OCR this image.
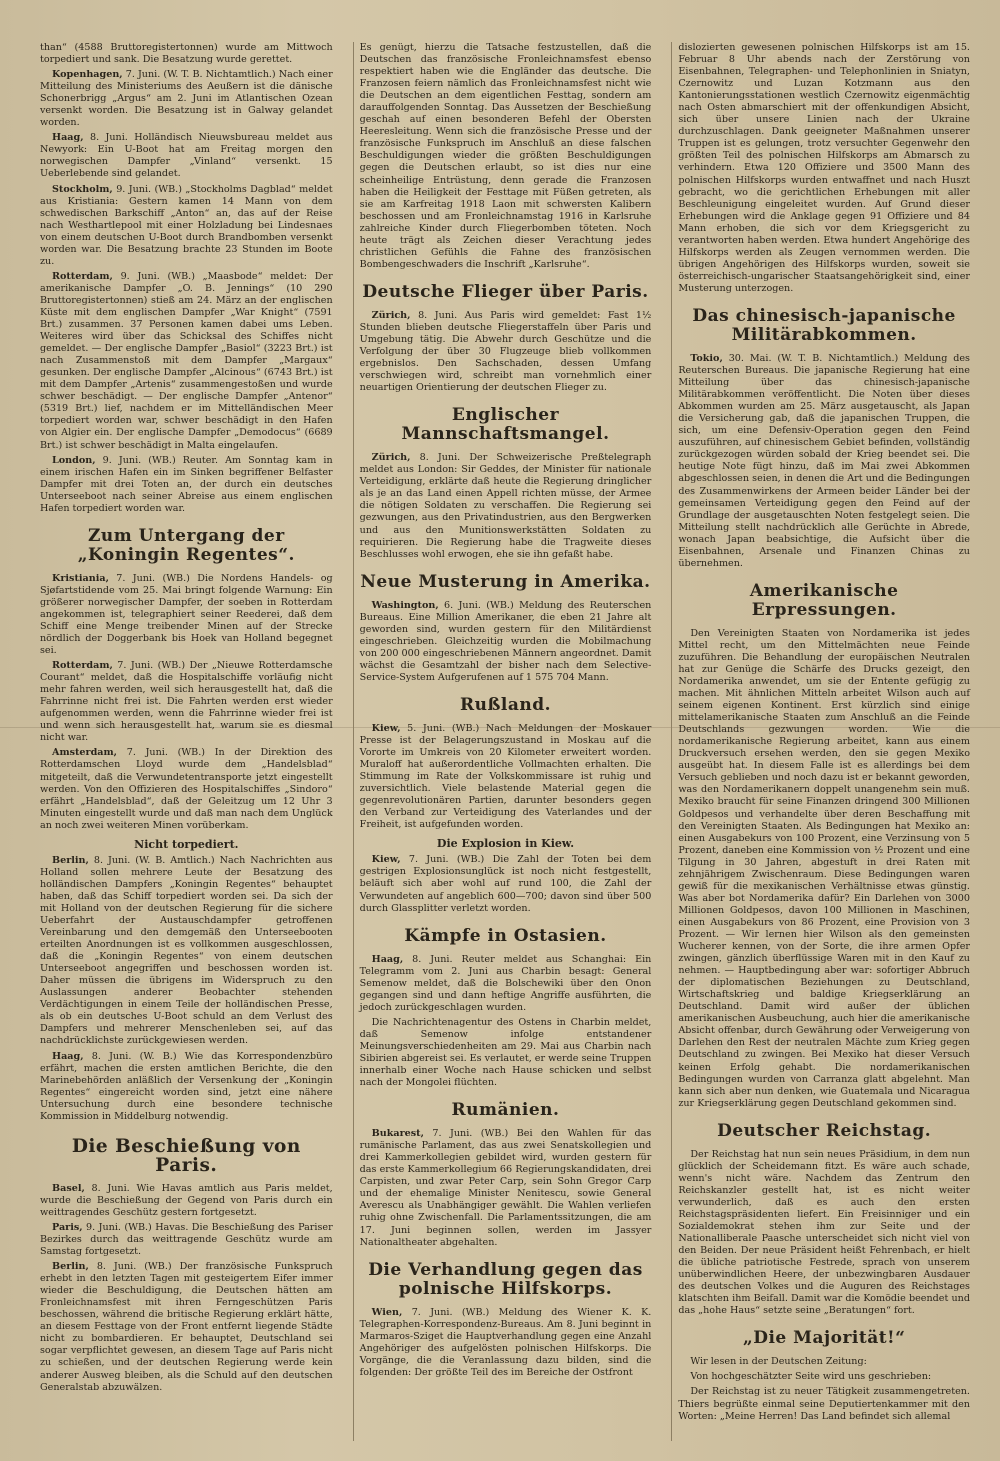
than“ (4588 Bruttoregistertonnen) wurde am Mittwoch torpediert und sank. Die Besatzung wurde gerettet.

Kopenhagen, 7. Juni. (W. T. B. Nichtamtlich.) Nach einer Mitteilung des Ministeriums des Aeußern ist die dänische Schonerbrigg „Argus“ am 2. Juni im Atlantischen Ozean versenkt worden. Die Besatzung ist in Galway gelandet worden.

Haag, 8. Juni. Holländisch Nieuwsbureau meldet aus Newyork: Ein U-Boot hat am Freitag morgen den norwegischen Dampfer „Vinland“ versenkt. 15 Ueberlebende sind gelandet.

Stockholm, 9. Juni. (WB.) „Stockholms Dagblad“ meldet aus Kristiania: Gestern kamen 14 Mann von dem schwedischen Barkschiff „Anton“ an, das auf der Reise nach Westhartlepool mit einer Holzladung bei Lindesnaes von einem deutschen U-Boot durch Brandbomben versenkt worden war. Die Besatzung brachte 23 Stunden im Boote zu.

Rotterdam, 9. Juni. (WB.) „Maasbode“ meldet: Der amerikanische Dampfer „O. B. Jennings“ (10 290 Bruttoregistertonnen) stieß am 24. März an der englischen Küste mit dem englischen Dampfer „War Knight“ (7591 Brt.) zusammen. 37 Personen kamen dabei ums Leben. Weiteres wird über das Schicksal des Schiffes nicht gemeldet. — Der englische Dampfer „Basiol“ (3223 Brt.) ist nach Zusammenstoß mit dem Dampfer „Margaux“ gesunken. Der englische Dampfer „Alcinous“ (6743 Brt.) ist mit dem Dampfer „Artenis“ zusammengestoßen und wurde schwer beschädigt. — Der englische Dampfer „Antenor“ (5319 Brt.) lief, nachdem er im Mittelländischen Meer torpediert worden war, schwer beschädigt in den Hafen von Algier ein. Der englische Dampfer „Demodocus“ (6689 Brt.) ist schwer beschädigt in Malta eingelaufen.

London, 9. Juni. (WB.) Reuter. Am Sonntag kam in einem irischen Hafen ein im Sinken begriffener Belfaster Dampfer mit drei Toten an, der durch ein deutsches Unterseeboot nach seiner Abreise aus einem englischen Hafen torpediert worden war.

Zum Untergang der „Koningin Regentes“.

Kristiania, 7. Juni. (WB.) Die Nordens Handels- og Sjøfartstidende vom 25. Mai bringt folgende Warnung: Ein größerer norwegischer Dampfer, der soeben in Rotterdam angekommen ist, telegraphiert seiner Reederei, daß dem Schiff eine Menge treibender Minen auf der Strecke nördlich der Doggerbank bis Hoek van Holland begegnet sei.

Rotterdam, 7. Juni. (WB.) Der „Nieuwe Rotterdamsche Courant“ meldet, daß die Hospitalschiffe vorläufig nicht mehr fahren werden, weil sich herausgestellt hat, daß die Fahrrinne nicht frei ist. Die Fahrten werden erst wieder aufgenommen werden, wenn die Fahrrinne wieder frei ist und wenn sich herausgestellt hat, warum sie es diesmal nicht war.

Amsterdam, 7. Juni. (WB.) In der Direktion des Rotterdamschen Lloyd wurde dem „Handelsblad“ mitgeteilt, daß die Verwundetentransporte jetzt eingestellt werden. Von den Offizieren des Hospitalschiffes „Sindoro“ erfährt „Handelsblad“, daß der Geleitzug um 12 Uhr 3 Minuten eingestellt wurde und daß man nach dem Unglück an noch zwei weiteren Minen vorüberkam.

Nicht torpediert.

Berlin, 8. Juni. (W. B. Amtlich.) Nach Nachrichten aus Holland sollen mehrere Leute der Besatzung des holländischen Dampfers „Koningin Regentes“ behauptet haben, daß das Schiff torpediert worden sei. Da sich der mit Holland von der deutschen Regierung für die sichere Ueberfahrt der Austauschdampfer getroffenen Vereinbarung und den demgemäß den Unterseebooten erteilten Anordnungen ist es vollkommen ausgeschlossen, daß die „Koningin Regentes“ von einem deutschen Unterseeboot angegriffen und beschossen worden ist. Daher müssen die übrigens im Widerspruch zu den Auslassungen anderer Beobachter stehenden Verdächtigungen in einem Teile der holländischen Presse, als ob ein deutsches U-Boot schuld an dem Verlust des Dampfers und mehrerer Menschenleben sei, auf das nachdrücklichste zurückgewiesen werden.

Haag, 8. Juni. (W. B.) Wie das Korrespondenzbüro erfährt, machen die ersten amtlichen Berichte, die den Marinebehörden anläßlich der Versenkung der „Koningin Regentes“ eingereicht worden sind, jetzt eine nähere Untersuchung durch eine besondere technische Kommission in Middelburg notwendig.

Die Beschießung von Paris.

Basel, 8. Juni. Wie Havas amtlich aus Paris meldet, wurde die Beschießung der Gegend von Paris durch ein weittragendes Geschütz gestern fortgesetzt.

Paris, 9. Juni. (WB.) Havas. Die Beschießung des Pariser Bezirkes durch das weittragende Geschütz wurde am Samstag fortgesetzt.

Berlin, 8. Juni. (WB.) Der französische Funkspruch erhebt in den letzten Tagen mit gesteigertem Eifer immer wieder die Beschuldigung, die Deutschen hätten am Fronleichnamsfest mit ihren Ferngeschützen Paris beschossen, während die britische Regierung erklärt hätte, an diesem Festtage von der Front entfernt liegende Städte nicht zu bombardieren. Er behauptet, Deutschland sei sogar verpflichtet gewesen, an diesem Tage auf Paris nicht zu schießen, und der deutschen Regierung werde kein anderer Ausweg bleiben, als die Schuld auf den deutschen Generalstab abzuwälzen.

Es genügt, hierzu die Tatsache festzustellen, daß die Deutschen das französische Fronleichnamsfest ebenso respektiert haben wie die Engländer das deutsche. Die Franzosen feiern nämlich das Fronleichnamsfest nicht wie die Deutschen an dem eigentlichen Festtag, sondern am darauffolgenden Sonntag. Das Aussetzen der Beschießung geschah auf einen besonderen Befehl der Obersten Heeresleitung. Wenn sich die französische Presse und der französische Funkspruch im Anschluß an diese falschen Beschuldigungen wieder die größten Beschuldigungen gegen die Deutschen erlaubt, so ist dies nur eine scheinheilige Entrüstung, denn gerade die Franzosen haben die Heiligkeit der Festtage mit Füßen getreten, als sie am Karfreitag 1918 Laon mit schwersten Kalibern beschossen und am Fronleichnamstag 1916 in Karlsruhe zahlreiche Kinder durch Fliegerbomben töteten. Noch heute trägt als Zeichen dieser Verachtung jedes christlichen Gefühls die Fahne des französischen Bombengeschwaders die Inschrift „Karlsruhe“.

Deutsche Flieger über Paris.

Zürich, 8. Juni. Aus Paris wird gemeldet: Fast 1½ Stunden blieben deutsche Fliegerstaffeln über Paris und Umgebung tätig. Die Abwehr durch Geschütze und die Verfolgung der über 30 Flugzeuge blieb vollkommen ergebnislos. Den Sachschaden, dessen Umfang verschwiegen wird, schreibt man vornehmlich einer neuartigen Orientierung der deutschen Flieger zu.

Englischer Mannschaftsmangel.

Zürich, 8. Juni. Der Schweizerische Preßtelegraph meldet aus London: Sir Geddes, der Minister für nationale Verteidigung, erklärte daß heute die Regierung dringlicher als je an das Land einen Appell richten müsse, der Armee die nötigen Soldaten zu verschaffen. Die Regierung sei gezwungen, aus den Privatindustrien, aus den Bergwerken und aus den Munitionswerkstätten Soldaten zu requirieren. Die Regierung habe die Tragweite dieses Beschlusses wohl erwogen, ehe sie ihn gefaßt habe.

Neue Musterung in Amerika.

Washington, 6. Juni. (WB.) Meldung des Reuterschen Bureaus. Eine Million Amerikaner, die eben 21 Jahre alt geworden sind, wurden gestern für den Militärdienst eingeschrieben. Gleichzeitig wurden die Mobilmachung von 200 000 eingeschriebenen Männern angeordnet. Damit wächst die Gesamtzahl der bisher nach dem Selective-Service-System Aufgerufenen auf 1 575 704 Mann.

Rußland.

Kiew, 5. Juni. (WB.) Nach Meldungen der Moskauer Presse ist der Belagerungszustand in Moskau auf die Vororte im Umkreis von 20 Kilometer erweitert worden. Muraloff hat außerordentliche Vollmachten erhalten. Die Stimmung im Rate der Volkskommissare ist ruhig und zuversichtlich. Viele belastende Material gegen die gegenrevolutionären Partien, darunter besonders gegen den Verband zur Verteidigung des Vaterlandes und der Freiheit, ist aufgefunden worden.

Die Explosion in Kiew.

Kiew, 7. Juni. (WB.) Die Zahl der Toten bei dem gestrigen Explosionsunglück ist noch nicht festgestellt, beläuft sich aber wohl auf rund 100, die Zahl der Verwundeten auf angeblich 600—700; davon sind über 500 durch Glassplitter verletzt worden.

Kämpfe in Ostasien.

Haag, 8. Juni. Reuter meldet aus Schanghai: Ein Telegramm vom 2. Juni aus Charbin besagt: General Semenow meldet, daß die Bolschewiki über den Onon gegangen sind und dann heftige Angriffe ausführten, die jedoch zurückgeschlagen wurden.

Die Nachrichtenagentur des Ostens in Charbin meldet, daß Semenow infolge entstandener Meinungsverschiedenheiten am 29. Mai aus Charbin nach Sibirien abgereist sei. Es verlautet, er werde seine Truppen innerhalb einer Woche nach Hause schicken und selbst nach der Mongolei flüchten.

Rumänien.

Bukarest, 7. Juni. (WB.) Bei den Wahlen für das rumänische Parlament, das aus zwei Senatskollegien und drei Kammerkollegien gebildet wird, wurden gestern für das erste Kammerkollegium 66 Regierungskandidaten, drei Carpisten, und zwar Peter Carp, sein Sohn Gregor Carp und der ehemalige Minister Nenitescu, sowie General Averescu als Unabhängiger gewählt. Die Wahlen verliefen ruhig ohne Zwischenfall. Die Parlamentssitzungen, die am 17. Juni beginnen sollen, werden im Jassyer Nationaltheater abgehalten.

Die Verhandlung gegen das polnische Hilfskorps.

Wien, 7. Juni. (WB.) Meldung des Wiener K. K. Telegraphen-Korrespondenz-Bureaus. Am 8. Juni beginnt in Marmaros-Sziget die Hauptverhandlung gegen eine Anzahl Angehöriger des aufgelösten polnischen Hilfskorps. Die Vorgänge, die die Veranlassung dazu bilden, sind die folgenden: Der größte Teil des im Bereiche der Ostfront

dislozierten gewesenen polnischen Hilfskorps ist am 15. Februar 8 Uhr abends nach der Zerstörung von Eisenbahnen, Telegraphen- und Telephonlinien in Sniatyn, Czernowitz und Luzan Kotzmann aus den Kantonierungsstationen westlich Czernowitz eigenmächtig nach Osten abmarschiert mit der offenkundigen Absicht, sich über unsere Linien nach der Ukraine durchzuschlagen. Dank geeigneter Maßnahmen unserer Truppen ist es gelungen, trotz versuchter Gegenwehr den größten Teil des polnischen Hilfskorps am Abmarsch zu verhindern. Etwa 120 Offiziere und 3500 Mann des polnischen Hilfskorps wurden entwaffnet und nach Huszt gebracht, wo die gerichtlichen Erhebungen mit aller Beschleunigung eingeleitet wurden. Auf Grund dieser Erhebungen wird die Anklage gegen 91 Offiziere und 84 Mann erhoben, die sich vor dem Kriegsgericht zu verantworten haben werden. Etwa hundert Angehörige des Hilfskorps werden als Zeugen vernommen werden. Die übrigen Angehörigen des Hilfskorps wurden, soweit sie österreichisch-ungarischer Staatsangehörigkeit sind, einer Musterung unterzogen.

Das chinesisch-japanische Militärabkommen.

Tokio, 30. Mai. (W. T. B. Nichtamtlich.) Meldung des Reuterschen Bureaus. Die japanische Regierung hat eine Mitteilung über das chinesisch-japanische Militärabkommen veröffentlicht. Die Noten über dieses Abkommen wurden am 25. März ausgetauscht, als Japan die Versicherung gab, daß die japanischen Truppen, die sich, um eine Defensiv-Operation gegen den Feind auszuführen, auf chinesischem Gebiet befinden, vollständig zurückgezogen würden sobald der Krieg beendet sei. Die heutige Note fügt hinzu, daß im Mai zwei Abkommen abgeschlossen seien, in denen die Art und die Bedingungen des Zusammenwirkens der Armeen beider Länder bei der gemeinsamen Verteidigung gegen den Feind auf der Grundlage der ausgetauschten Noten festgelegt seien. Die Mitteilung stellt nachdrücklich alle Gerüchte in Abrede, wonach Japan beabsichtige, die Aufsicht über die Eisenbahnen, Arsenale und Finanzen Chinas zu übernehmen.

Amerikanische Erpressungen.

Den Vereinigten Staaten von Nordamerika ist jedes Mittel recht, um den Mittelmächten neue Feinde zuzuführen. Die Behandlung der europäischen Neutralen hat zur Genüge die Schärfe des Drucks gezeigt, den Nordamerika anwendet, um sie der Entente gefügig zu machen. Mit ähnlichen Mitteln arbeitet Wilson auch auf seinem eigenen Kontinent. Erst kürzlich sind einige mittelamerikanische Staaten zum Anschluß an die Feinde Deutschlands gezwungen worden. Wie die nordamerikanische Regierung arbeitet, kann aus einem Druckversuch ersehen werden, den sie gegen Mexiko ausgeübt hat. In diesem Falle ist es allerdings bei dem Versuch geblieben und noch dazu ist er bekannt geworden, was den Nordamerikanern doppelt unangenehm sein muß. Mexiko braucht für seine Finanzen dringend 300 Millionen Goldpesos und verhandelte über deren Beschaffung mit den Vereinigten Staaten. Als Bedingungen hat Mexiko an: einen Ausgabekurs von 100 Prozent, eine Verzinsung von 5 Prozent, daneben eine Kommission von ½ Prozent und eine Tilgung in 30 Jahren, abgestuft in drei Raten mit zehnjährigem Zwischenraum. Diese Bedingungen waren gewiß für die mexikanischen Verhältnisse etwas günstig. Was aber bot Nordamerika dafür? Ein Darlehen von 3000 Millionen Goldpesos, davon 100 Millionen in Maschinen, einen Ausgabekurs von 86 Prozent, eine Provision von 3 Prozent. — Wir lernen hier Wilson als den gemeinsten Wucherer kennen, von der Sorte, die ihre armen Opfer zwingen, gänzlich überflüssige Waren mit in den Kauf zu nehmen. — Hauptbedingung aber war: sofortiger Abbruch der diplomatischen Beziehungen zu Deutschland, Wirtschaftskrieg und baldige Kriegserklärung an Deutschland. Damit wird außer der üblichen amerikanischen Ausbeuchung, auch hier die amerikanische Absicht offenbar, durch Gewährung oder Verweigerung von Darlehen den Rest der neutralen Mächte zum Krieg gegen Deutschland zu zwingen. Bei Mexiko hat dieser Versuch keinen Erfolg gehabt. Die nordamerikanischen Bedingungen wurden von Carranza glatt abgelehnt. Man kann sich aber nun denken, wie Guatemala und Nicaragua zur Kriegserklärung gegen Deutschland gekommen sind.

Deutscher Reichstag.

Der Reichstag hat nun sein neues Präsidium, in dem nun glücklich der Scheidemann fitzt. Es wäre auch schade, wenn's nicht wäre. Nachdem das Zentrum den Reichskanzler gestellt hat, ist es nicht weiter verwunderlich, daß es auch den ersten Reichstagspräsidenten liefert. Ein Freisinniger und ein Sozialdemokrat stehen ihm zur Seite und der Nationalliberale Paasche unterscheidet sich nicht viel von den Beiden. Der neue Präsident heißt Fehrenbach, er hielt die übliche patriotische Festrede, sprach von unserem unüberwindlichen Heere, der unbezwingbaren Ausdauer des deutschen Volkes und die Auguren des Reichstages klatschten ihm Beifall. Damit war die Komödie beendet und das „hohe Haus“ setzte seine „Beratungen“ fort.

„Die Majorität!“

Wir lesen in der Deutschen Zeitung:

Von hochgeschätzter Seite wird uns geschrieben:

Der Reichstag ist zu neuer Tätigkeit zusammengetreten. Thiers begrüßte einmal seine Deputiertenkammer mit den Worten: „Meine Herren! Das Land befindet sich allemal
